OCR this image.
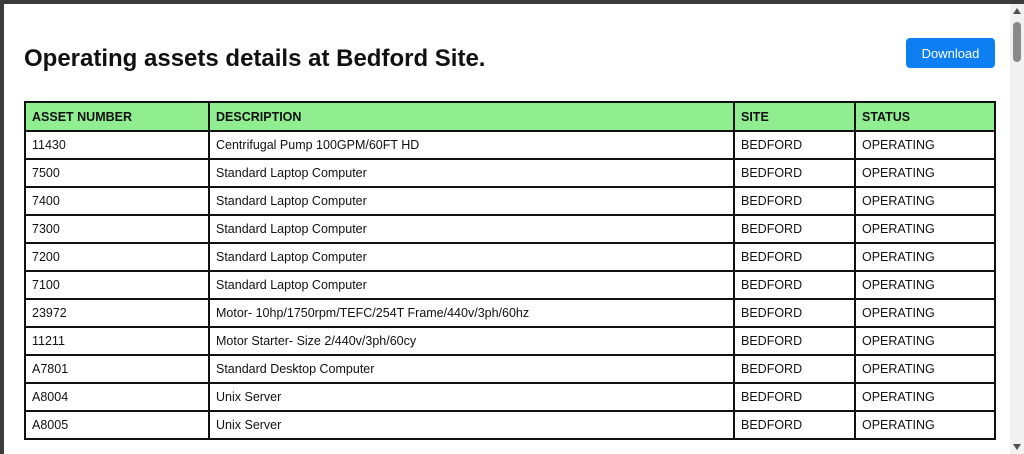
Operating assets details at Bedford Site.	Download
ASSET NUMBER	DESCRIPTION	SITE	STATUS
11430	Centrifugal Pump 100GPM/60FT HD	BEDFORD	OPERATING
7500	Standard Laptop Computer	BEDFORD	OPERATING
7400	Standard Laptop Computer	BEDFORD	OPERATING
7300	Standard Laptop Computer	BEDFORD	OPERATING
7200	Standard Laptop Computer	BEDFORD	OPERATING
7100	Standard Laptop Computer	BEDFORD	OPERATING
23972	Motor- 10hp/1750rpm/TEFC/254T Frame/440v/3ph/60hz	BEDFORD	OPERATING
11211	Motor Starter- Size 2/440v/3ph/60cy	BEDFORD	OPERATING
A7801	Standard Desktop Computer	BEDFORD	OPERATING
A8004	Unix Server	BEDFORD	OPERATING
A8005	Unix Server	BEDFORD	OPERATING
